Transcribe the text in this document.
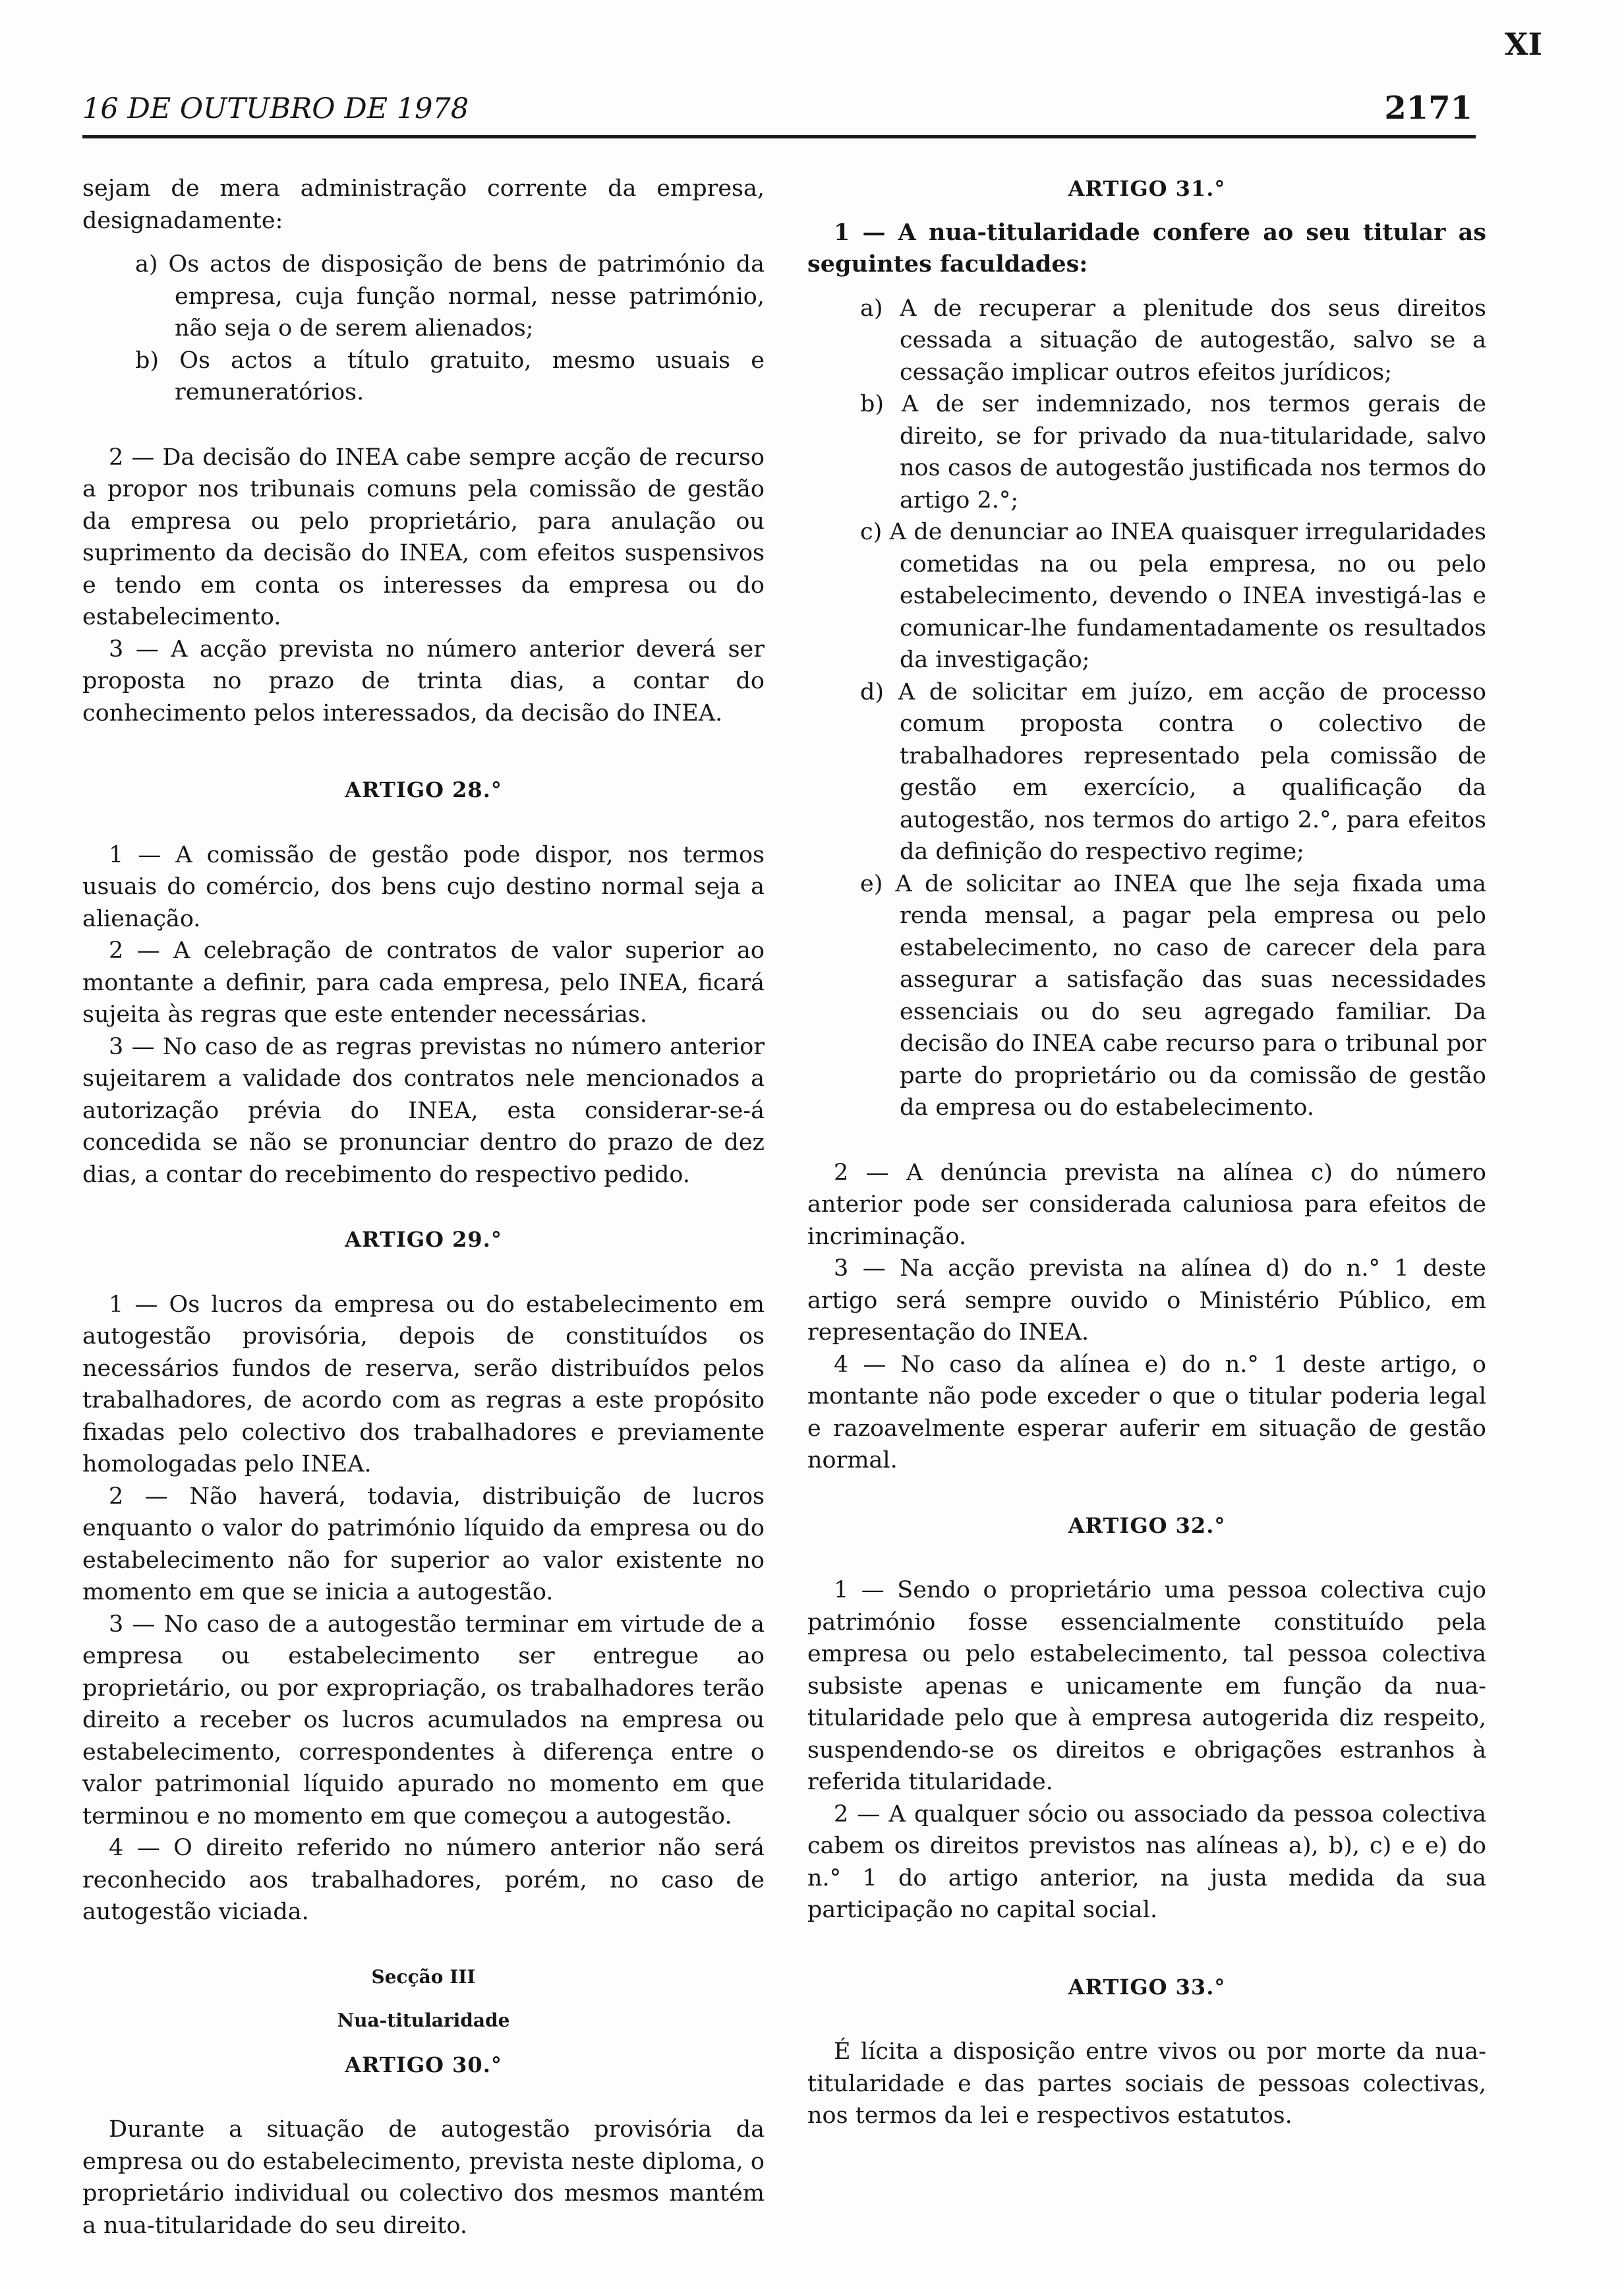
XI
16 DE OUTUBRO DE 1978	2171

sejam de mera administração corrente da empresa, designadamente:

a) Os actos de disposição de bens de património da empresa, cuja função normal, nesse património, não seja o de serem alienados;

b) Os actos a título gratuito, mesmo usuais e remuneratórios.

2 — Da decisão do INEA cabe sempre acção de recurso a propor nos tribunais comuns pela comissão de gestão da empresa ou pelo proprietário, para anulação ou suprimento da decisão do INEA, com efeitos suspensivos e tendo em conta os interesses da empresa ou do estabelecimento.

3 — A acção prevista no número anterior deverá ser proposta no prazo de trinta dias, a contar do conhecimento pelos interessados, da decisão do INEA.

ARTIGO 28.°

1 — A comissão de gestão pode dispor, nos termos usuais do comércio, dos bens cujo destino normal seja a alienação.

2 — A celebração de contratos de valor superior ao montante a definir, para cada empresa, pelo INEA, ficará sujeita às regras que este entender necessárias.

3 — No caso de as regras previstas no número anterior sujeitarem a validade dos contratos nele mencionados a autorização prévia do INEA, esta considerar-se-á concedida se não se pronunciar dentro do prazo de dez dias, a contar do recebimento do respectivo pedido.

ARTIGO 29.°

1 — Os lucros da empresa ou do estabelecimento em autogestão provisória, depois de constituídos os necessários fundos de reserva, serão distribuídos pelos trabalhadores, de acordo com as regras a este propósito fixadas pelo colectivo dos trabalhadores e previamente homologadas pelo INEA.

2 — Não haverá, todavia, distribuição de lucros enquanto o valor do património líquido da empresa ou do estabelecimento não for superior ao valor existente no momento em que se inicia a autogestão.

3 — No caso de a autogestão terminar em virtude de a empresa ou estabelecimento ser entregue ao proprietário, ou por expropriação, os trabalhadores terão direito a receber os lucros acumulados na empresa ou estabelecimento, correspondentes à diferença entre o valor patrimonial líquido apurado no momento em que terminou e no momento em que começou a autogestão.

4 — O direito referido no número anterior não será reconhecido aos trabalhadores, porém, no caso de autogestão viciada.

Secção III
Nua-titularidade
ARTIGO 30.°

Durante a situação de autogestão provisória da empresa ou do estabelecimento, prevista neste diploma, o proprietário individual ou colectivo dos mesmos mantém a nua-titularidade do seu direito.

ARTIGO 31.°

1 — A nua-titularidade confere ao seu titular as seguintes faculdades:

a) A de recuperar a plenitude dos seus direitos cessada a situação de autogestão, salvo se a cessação implicar outros efeitos jurídicos;

b) A de ser indemnizado, nos termos gerais de direito, se for privado da nua-titularidade, salvo nos casos de autogestão justificada nos termos do artigo 2.°;

c) A de denunciar ao INEA quaisquer irregularidades cometidas na ou pela empresa, no ou pelo estabelecimento, devendo o INEA investigá-las e comunicar-lhe fundamentadamente os resultados da investigação;

d) A de solicitar em juízo, em acção de processo comum proposta contra o colectivo de trabalhadores representado pela comissão de gestão em exercício, a qualificação da autogestão, nos termos do artigo 2.°, para efeitos da definição do respectivo regime;

e) A de solicitar ao INEA que lhe seja fixada uma renda mensal, a pagar pela empresa ou pelo estabelecimento, no caso de carecer dela para assegurar a satisfação das suas necessidades essenciais ou do seu agregado familiar. Da decisão do INEA cabe recurso para o tribunal por parte do proprietário ou da comissão de gestão da empresa ou do estabelecimento.

2 — A denúncia prevista na alínea c) do número anterior pode ser considerada caluniosa para efeitos de incriminação.

3 — Na acção prevista na alínea d) do n.° 1 deste artigo será sempre ouvido o Ministério Público, em representação do INEA.

4 — No caso da alínea e) do n.° 1 deste artigo, o montante não pode exceder o que o titular poderia legal e razoavelmente esperar auferir em situação de gestão normal.

ARTIGO 32.°

1 — Sendo o proprietário uma pessoa colectiva cujo património fosse essencialmente constituído pela empresa ou pelo estabelecimento, tal pessoa colectiva subsiste apenas e unicamente em função da nua-titularidade pelo que à empresa autogerida diz respeito, suspendendo-se os direitos e obrigações estranhos à referida titularidade.

2 — A qualquer sócio ou associado da pessoa colectiva cabem os direitos previstos nas alíneas a), b), c) e e) do n.° 1 do artigo anterior, na justa medida da sua participação no capital social.

ARTIGO 33.°

É lícita a disposição entre vivos ou por morte da nua-titularidade e das partes sociais de pessoas colectivas, nos termos da lei e respectivos estatutos.
